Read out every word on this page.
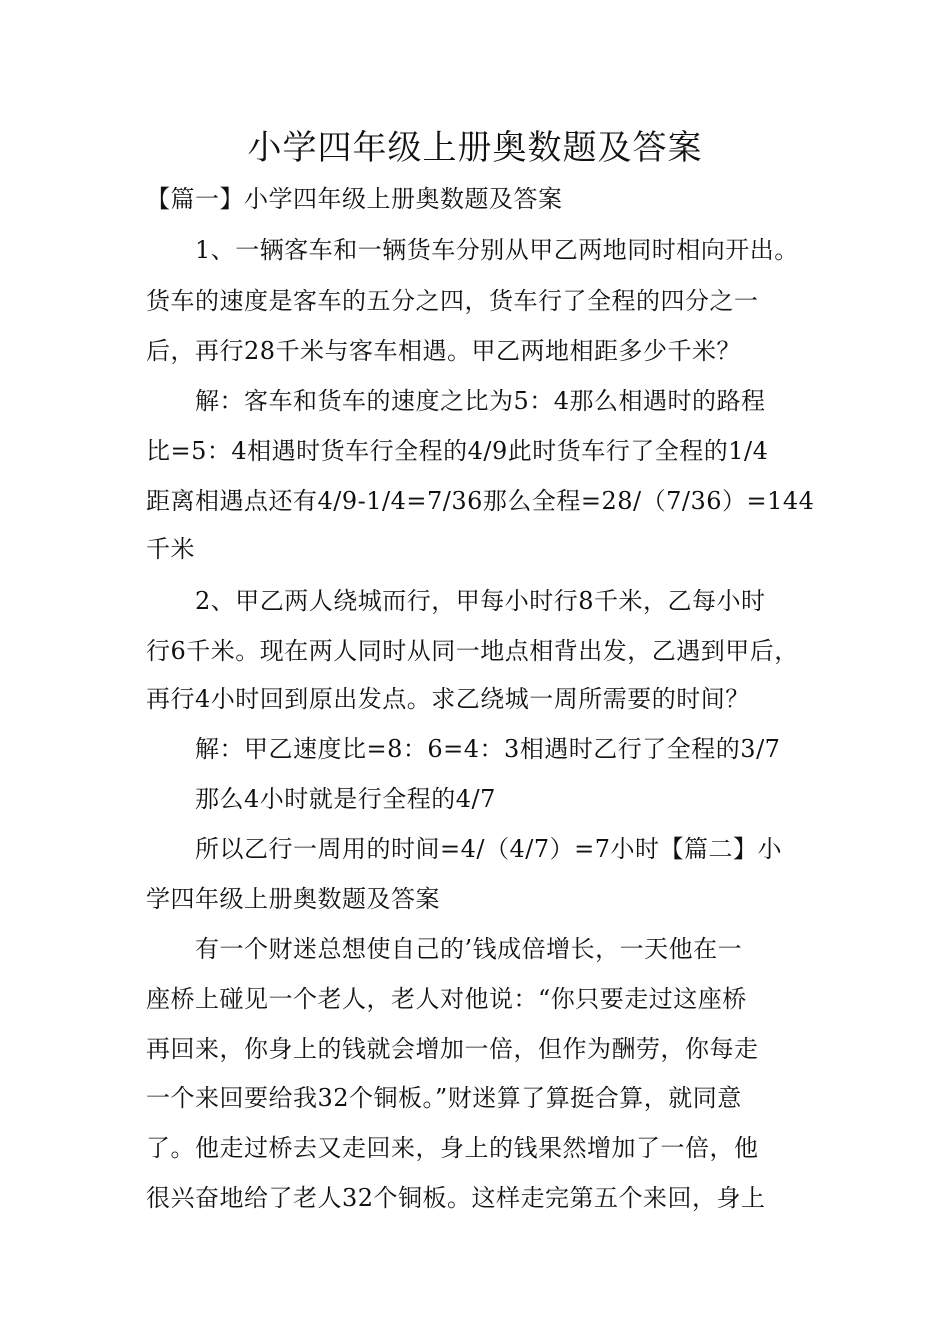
小学四年级上册奥数题及答案
【篇一】小学四年级上册奥数题及答案
1、一辆客车和一辆货车分别从甲乙两地同时相向开出。
货车的速度是客车的五分之四，货车行了全程的四分之一
后，再行28千米与客车相遇。甲乙两地相距多少千米？
解：客车和货车的速度之比为5：4那么相遇时的路程
比=5：4相遇时货车行全程的4/9此时货车行了全程的1/4
距离相遇点还有4/9-1/4=7/36那么全程=28/（7/36）=144
千米
2、甲乙两人绕城而行，甲每小时行8千米，乙每小时
行6千米。现在两人同时从同一地点相背出发，乙遇到甲后，
再行4小时回到原出发点。求乙绕城一周所需要的时间？
解：甲乙速度比=8：6=4：3相遇时乙行了全程的3/7
那么4小时就是行全程的4/7
所以乙行一周用的时间=4/（4/7）=7小时【篇二】小
学四年级上册奥数题及答案
有一个财迷总想使自己的’钱成倍增长，一天他在一
座桥上碰见一个老人，老人对他说：“你只要走过这座桥
再回来，你身上的钱就会增加一倍，但作为酬劳，你每走
一个来回要给我32个铜板。”财迷算了算挺合算，就同意
了。他走过桥去又走回来，身上的钱果然增加了一倍，他
很兴奋地给了老人32个铜板。这样走完第五个来回，身上
